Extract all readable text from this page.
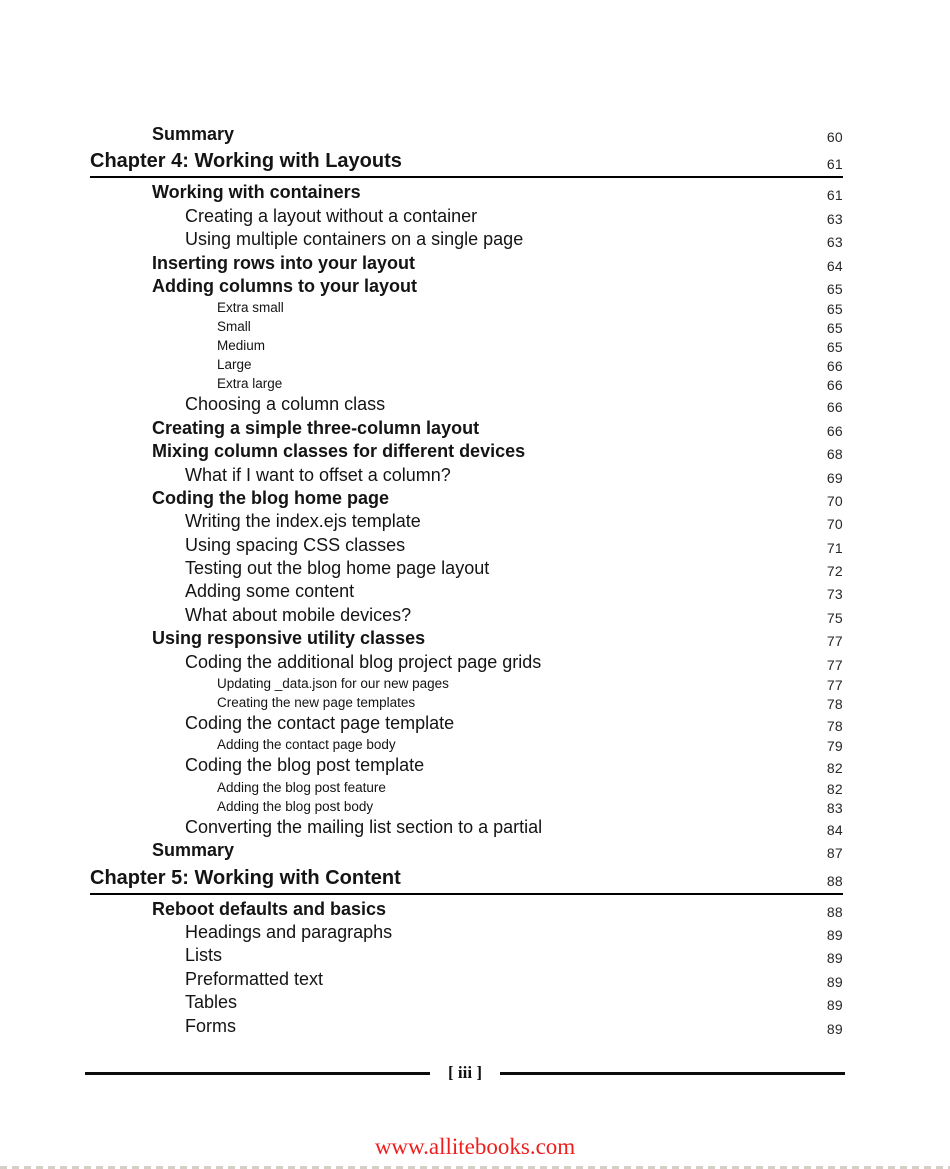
Summary	60
Chapter 4: Working with Layouts	61
Working with containers	61
Creating a layout without a container	63
Using multiple containers on a single page	63
Inserting rows into your layout	64
Adding columns to your layout	65
Extra small	65
Small	65
Medium	65
Large	66
Extra large	66
Choosing a column class	66
Creating a simple three-column layout	66
Mixing column classes for different devices	68
What if I want to offset a column?	69
Coding the blog home page	70
Writing the index.ejs template	70
Using spacing CSS classes	71
Testing out the blog home page layout	72
Adding some content	73
What about mobile devices?	75
Using responsive utility classes	77
Coding the additional blog project page grids	77
Updating _data.json for our new pages	77
Creating the new page templates	78
Coding the contact page template	78
Adding the contact page body	79
Coding the blog post template	82
Adding the blog post feature	82
Adding the blog post body	83
Converting the mailing list section to a partial	84
Summary	87
Chapter 5: Working with Content	88
Reboot defaults and basics	88
Headings and paragraphs	89
Lists	89
Preformatted text	89
Tables	89
Forms	89
[ iii ]
www.allitebooks.com
